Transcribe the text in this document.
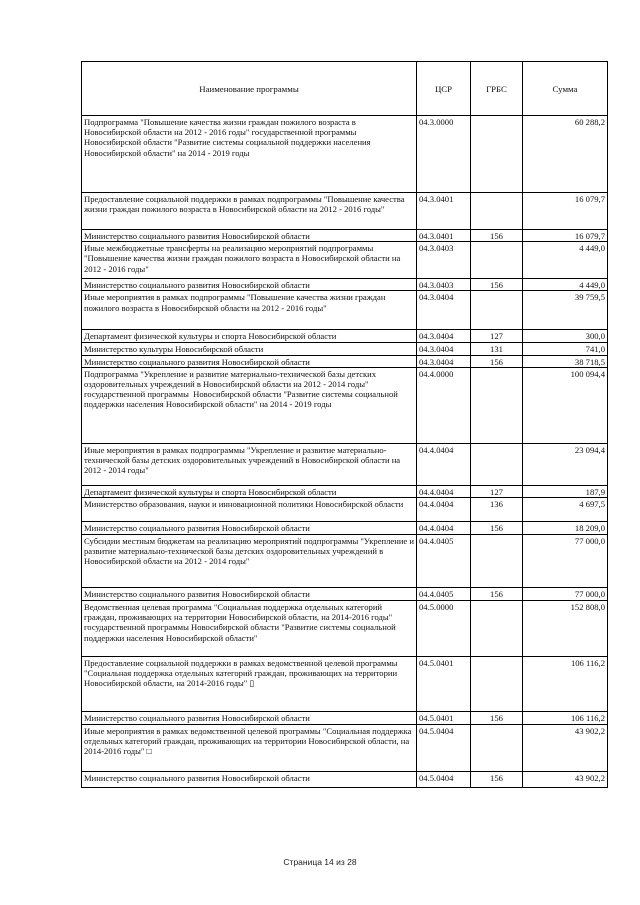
Наименование программы	ЦСР	ГРБС	Сумма
Подпрограмма "Повышение качества жизни граждан пожилого возраста в Новосибирской области на 2012 - 2016 годы" государственной программы Новосибирской области "Развитие системы социальной поддержки населения Новосибирской области" на 2014 - 2019 годы	04.3.0000		60 288,2
Предоставление социальной поддержки в рамках подпрограммы "Повышение качества жизни граждан пожилого возраста в Новосибирской области на 2012 - 2016 годы"	04.3.0401		16 079,7
Министерство социального развития Новосибирской области	04.3.0401	156	16 079,7
Иные межбюджетные трансферты на реализацию мероприятий подпрограммы "Повышение качества жизни граждан пожилого возраста в Новосибирской области на 2012 - 2016 годы"	04.3.0403		4 449,0
Министерство социального развития Новосибирской области	04.3.0403	156	4 449,0
Иные мероприятия в рамках подпрограммы "Повышение качества жизни граждан пожилого возраста в Новосибирской области на 2012 - 2016 годы"	04.3.0404		39 759,5
Департамент физической культуры и спорта Новосибирской области	04.3.0404	127	300,0
Министерство культуры Новосибирской области	04.3.0404	131	741,0
Министерство социального развития Новосибирской области	04.3.0404	156	38 718,5
Подпрограмма "Укрепление и развитие материально-технической базы детских оздоровительных учреждений в Новосибирской области на 2012 - 2014 годы" государственной программы  Новосибирской области "Развитие системы социальной поддержки населения Новосибирской области" на 2014 - 2019 годы	04.4.0000		100 094,4
Иные мероприятия в рамках подпрограммы "Укрепление и развитие материально-технической базы детских оздоровительных учреждений в Новосибирской области на 2012 - 2014 годы"	04.4.0404		23 094,4
Департамент физической культуры и спорта Новосибирской области	04.4.0404	127	187,9
Министерство образования, науки и инновационной политики Новосибирской области	04.4.0404	136	4 697,5
Министерство социального развития Новосибирской области	04.4.0404	156	18 209,0
Субсидии местным бюджетам на реализацию мероприятий подпрограммы "Укрепление и развитие материально-технической базы детских оздоровительных учреждений в Новосибирской области на 2012 - 2014 годы"	04.4.0405		77 000,0
Министерство социального развития Новосибирской области	04.4.0405	156	77 000,0
Ведомственная целевая программа "Социальная поддержка отдельных категорий граждан, проживающих на территории Новосибирской области, на 2014-2016 годы" государственной программы Новосибирской области "Развитие системы социальной поддержки населения Новосибирской области"	04.5.0000		152 808,0
Предоставление социальной поддержки в рамках ведомственной целевой программы "Социальная поддержка отдельных категорий граждан, проживающих на территории Новосибирской области, на 2014-2016 годы" ▯	04.5.0401		106 116,2
Министерство социального развития Новосибирской области	04.5.0401	156	106 116,2
Иные мероприятия в рамках ведомственной целевой программы "Социальная поддержка отдельных категорий граждан, проживающих на территории Новосибирской области, на 2014-2016 годы" □	04.5.0404		43 902,2
Министерство социального развития Новосибирской области	04.5.0404	156	43 902,2
Страница 14 из 28
